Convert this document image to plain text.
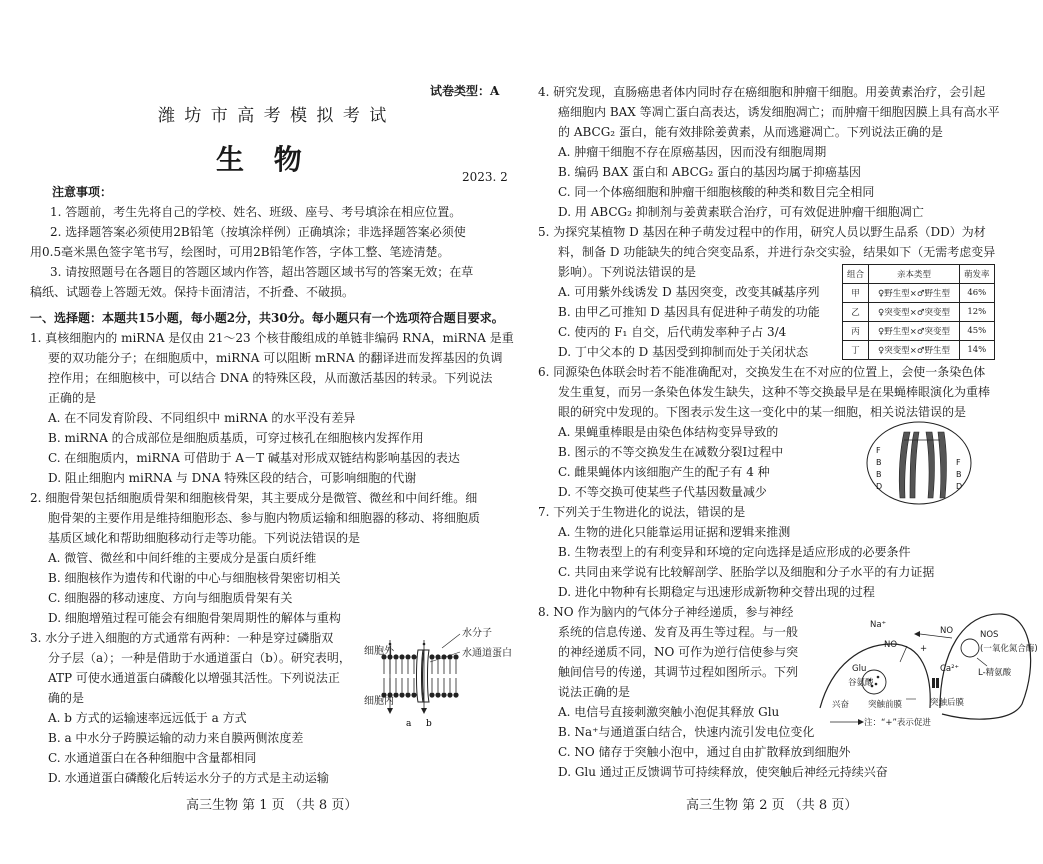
试卷类型：A
潍 坊 市 高 考 模 拟 考 试
生 物
2023. 2
注意事项：
1. 答题前，考生先将自己的学校、姓名、班级、座号、考号填涂在相应位置。
2. 选择题答案必须使用2B铅笔（按填涂样例）正确填涂；非选择题答案必须使
用0.5毫米黑色签字笔书写，绘图时，可用2B铅笔作答，字体工整、笔迹清楚。
3. 请按照题号在各题目的答题区域内作答，超出答题区域书写的答案无效；在草
稿纸、试题卷上答题无效。保持卡面清洁，不折叠、不破损。
一、选择题：本题共15小题，每小题2分，共30分。每小题只有一个选项符合题目要求。
1. 真核细胞内的 miRNA 是仅由 21～23 个核苷酸组成的单链非编码 RNA，miRNA 是重
要的双功能分子；在细胞质中，miRNA 可以阻断 mRNA 的翻译进而发挥基因的负调
控作用；在细胞核中，可以结合 DNA 的特殊区段，从而激活基因的转录。下列说法
正确的是
A. 在不同发育阶段、不同组织中 miRNA 的水平没有差异
B. miRNA 的合成部位是细胞质基质，可穿过核孔在细胞核内发挥作用
C. 在细胞质内，miRNA 可借助于 A－T 碱基对形成双链结构影响基因的表达
D. 阻止细胞内 miRNA 与 DNA 特殊区段的结合，可影响细胞的代谢
2. 细胞骨架包括细胞质骨架和细胞核骨架，其主要成分是微管、微丝和中间纤维。细
胞骨架的主要作用是维持细胞形态、参与胞内物质运输和细胞器的移动、将细胞质
基质区域化和帮助细胞移动行走等功能。下列说法错误的是
A. 微管、微丝和中间纤维的主要成分是蛋白质纤维
B. 细胞核作为遗传和代谢的中心与细胞核骨架密切相关
C. 细胞器的移动速度、方向与细胞质骨架有关
D. 细胞增殖过程可能会有细胞骨架周期性的解体与重构
3. 水分子进入细胞的方式通常有两种：一种是穿过磷脂双
分子层（a）；一种是借助于水通道蛋白（b）。研究表明，
ATP 可使水通道蛋白磷酸化以增强其活性。下列说法正
确的是
A. b 方式的运输速率远远低于 a 方式
B. a 中水分子跨膜运输的动力来自膜两侧浓度差
C. 水通道蛋白在各种细胞中含量都相同
D. 水通道蛋白磷酸化后转运水分子的方式是主动运输
a b
水分子
细胞外	水通道蛋白
细胞内
高三生物 第 1 页 （共 8 页）
4. 研究发现，直肠癌患者体内同时存在癌细胞和肿瘤干细胞。用姜黄素治疗，会引起
癌细胞内 BAX 等凋亡蛋白高表达，诱发细胞凋亡；而肿瘤干细胞因膜上具有高水平
的 ABCG₂ 蛋白，能有效排除姜黄素，从而逃避凋亡。下列说法正确的是
A. 肿瘤干细胞不存在原癌基因，因而没有细胞周期
B. 编码 BAX 蛋白和 ABCG₂ 蛋白的基因均属于抑癌基因
C. 同一个体癌细胞和肿瘤干细胞核酸的种类和数目完全相同
D. 用 ABCG₂ 抑制剂与姜黄素联合治疗，可有效促进肿瘤干细胞凋亡
5. 为探究某植物 D 基因在种子萌发过程中的作用，研究人员以野生品系（DD）为材
料，制备 D 功能缺失的纯合突变品系，并进行杂交实验，结果如下（无需考虑变异
影响）。下列说法错误的是
A. 可用紫外线诱发 D 基因突变，改变其碱基序列
B. 由甲乙可推知 D 基因具有促进种子萌发的功能
C. 使丙的 F₁ 自交，后代萌发率种子占 3/4
D. 丁中父本的 D 基因受到抑制而处于关闭状态
组合	亲本类型	萌发率
甲	♀野生型×♂野生型	46%
乙	♀突变型×♂突变型	12%
丙	♀野生型×♂突变型	45%
丁	♀突变型×♂野生型	14%
6. 同源染色体联会时若不能准确配对，交换发生在不对应的位置上，会使一条染色体
发生重复，而另一条染色体发生缺失，这种不等交换最早是在果蝇棒眼演化为重棒
眼的研究中发现的。下图表示发生这一变化中的某一细胞，相关说法错误的是
A. 果蝇重棒眼是由染色体结构变异导致的
B. 图示的不等交换发生在减数分裂Ⅰ过程中
C. 雌果蝇体内该细胞产生的配子有 4 种
D. 不等交换可使某些子代基因数量减少
F
B
B
D
F
B
D
7. 下列关于生物进化的说法，错误的是
A. 生物的进化只能靠运用证据和逻辑来推测
B. 生物表型上的有利变异和环境的定向选择是适应形成的必要条件
C. 共同由来学说有比较解剖学、胚胎学以及细胞和分子水平的有力证据
D. 进化中物种有长期稳定与迅速形成新物种交替出现的过程
8. NO 作为脑内的气体分子神经递质，参与神经
系统的信息传递、发育及再生等过程。与一般
的神经递质不同，NO 可作为逆行信使参与突
触间信号的传递，其调节过程如图所示。下列
说法正确的是
A. 电信号直接刺激突触小泡促其释放 Glu
B. Na⁺与通道蛋白结合，快速内流引发电位变化
C. NO 储存于突触小泡中，通过自由扩散释放到细胞外
D. Glu 通过正反馈调节可持续释放，使突触后神经元持续兴奋
Na⁺
NO
NO	NOS
(一氧化氮合酶)
Glu
谷氨酸
Ca²⁺ L-精氨酸
+
兴奋 突触前膜	突触后膜
注：“+”表示促进
高三生物 第 2 页 （共 8 页）
